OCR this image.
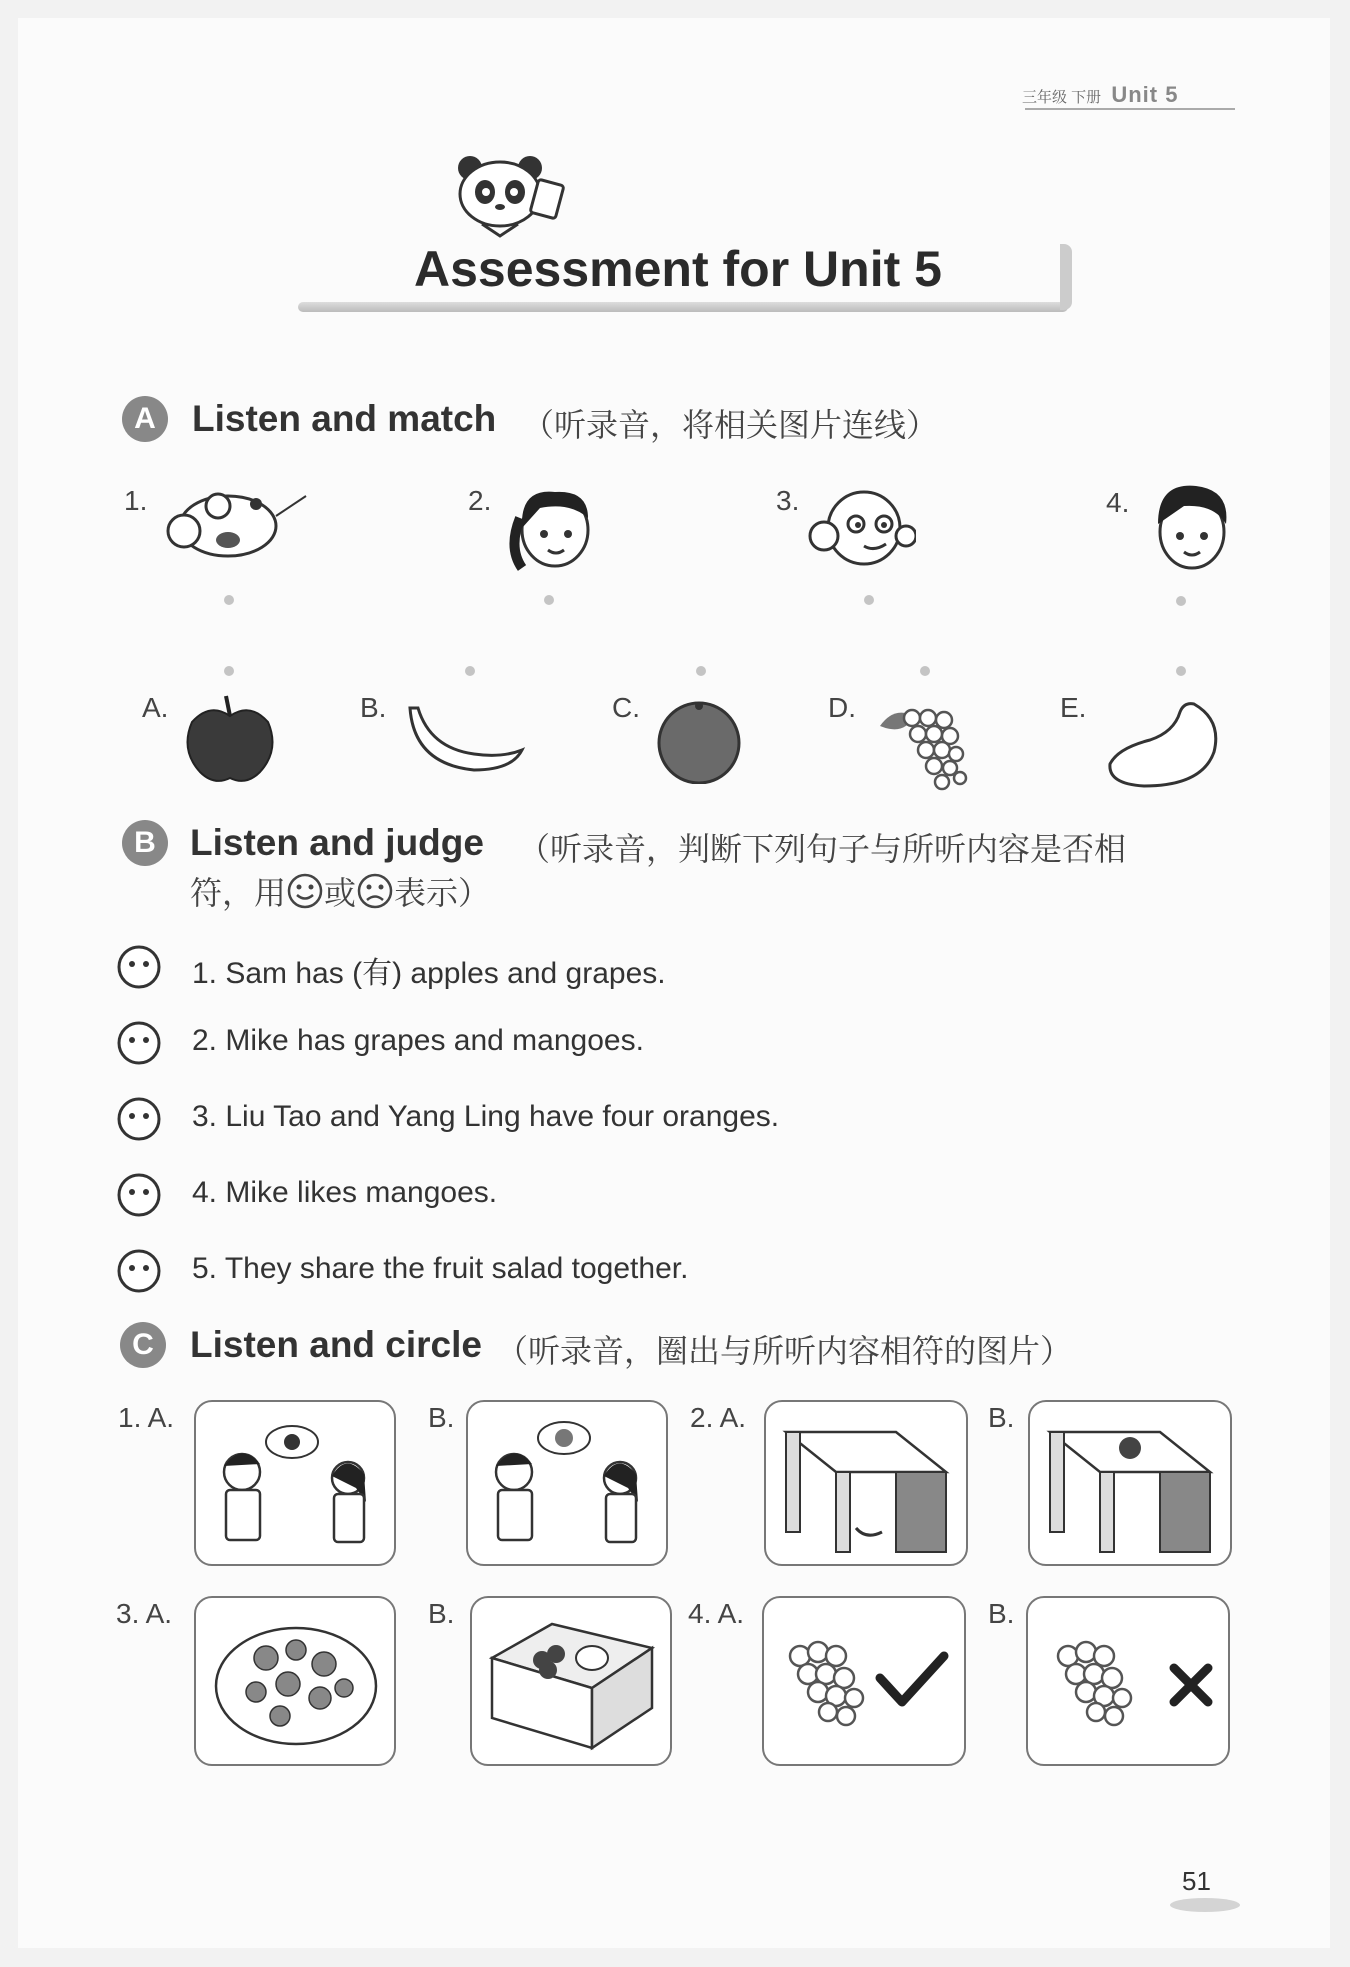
三年级 下册 Unit 5
Assessment for Unit 5
A Listen and match （听录音，将相关图片连线）
1.	2.	3.	4.
A.	B.	C.	D.	E.
B Listen and judge （听录音，判断下列句子与所听内容是否相
符，用 或 表示）
1. Sam has (有) apples and grapes.
2. Mike has grapes and mangoes.
3. Liu Tao and Yang Ling have four oranges.
4. Mike likes mangoes.
5. They share the fruit salad together.
C Listen and circle （听录音，圈出与所听内容相符的图片）
1. A.	B.	2. A.	B.
3. A.	B.	4. A.	B.
51
